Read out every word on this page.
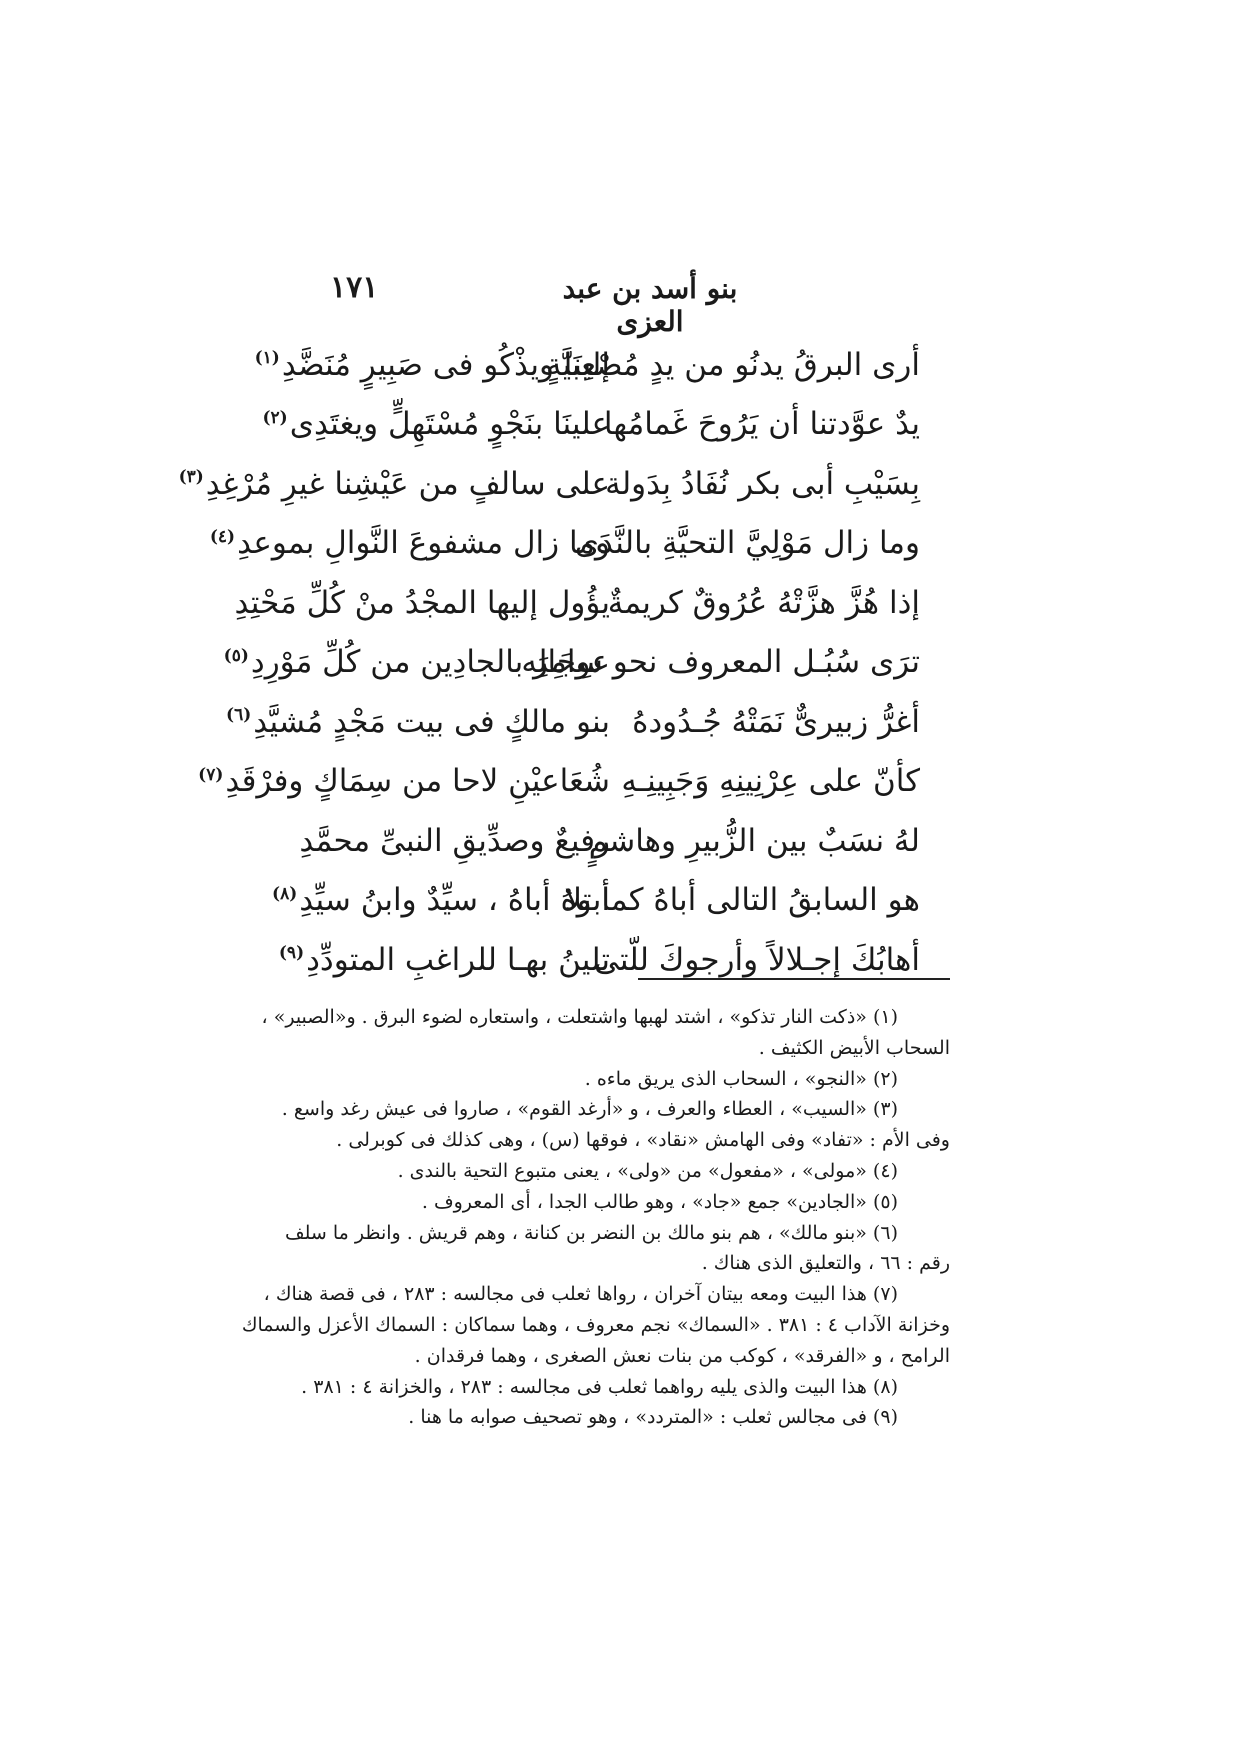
١٧١	بنو أسد بن عبد العزى
أرى البرقُ يدنُو من يدٍ مُصْعِبيَّةٍ
إلينَا ويذْكُو فى صَبِيرٍ مُنَضَّدِ$^{(١)}$
يدٌ عوَّدتنا أن يَرُوحَ غَمامُها
علينَا بنَجْوٍ مُسْتَهِلٍّ ويغتَدِى$^{(٢)}$
بِسَيْبِ أبى بكر نُفَادُ بِدَولة
على سالفٍ من عَيْشِنا غيرِ مُرْغِدِ$^{(٣)}$
وما زال مَوْلِيَّ التحيَّةِ بالنَّدَى
وما زال مشفوعَ النَّوالِ بموعدِ$^{(٤)}$
إذا هُزَّ هزَّتْهُ عُرُوقٌ كريمةٌ
يؤُول إليها المجْدُ منْ كُلِّ مَحْتِدِ
ترَى سُبُـل المعروف نحو سِجَالِه
عوامِرَ بالجادِين من كُلِّ مَوْرِدِ$^{(٥)}$
أغرُّ زبيرىٌّ نَمَتْهُ جُـدُودهُ
بنو مالكٍ فى بيت مَجْدٍ مُشيَّدِ$^{(٦)}$
كأنّ على عِرْنِينِهِ وَجَبِينِـهِ
شُعَاعيْنِ لاحا من سِمَاكٍ وفرْقَدِ$^{(٧)}$
لهُ نسَبٌ بين الزُّبيرِ وهاشمٍ
رفيعٌ وصدِّيقِ النبىِّ محمَّدِ
هو السابقُ التالى أباهُ كما تلا
أبوهُ أباهُ ، سيِّدٌ وابنُ سيِّدِ$^{(٨)}$
أهابُكَ إجـلالاً وأرجوكَ للّتى
تلينُ بهـا للراغبِ المتودِّدِ$^{(٩)}$
(١) «ذكت النار تذكو» ، اشتد لهبها واشتعلت ، واستعاره لضوء البرق . و«الصبير» ،
السحاب الأبيض الكثيف .
(٢) «النجو» ، السحاب الذى يريق ماءه .
(٣) «السيب» ، العطاء والعرف ، و «أرغد القوم» ، صاروا فى عيش رغد واسع .
وفى الأم : «تفاد» وفى الهامش «نقاد» ، فوقها (س) ، وهى كذلك فى كوبرلى .
(٤) «مولى» ، «مفعول» من «ولى» ، يعنى متبوع التحية بالندى .
(٥) «الجادين» جمع «جاد» ، وهو طالب الجدا ، أى المعروف .
(٦) «بنو مالك» ، هم بنو مالك بن النضر بن كنانة ، وهم قريش . وانظر ما سلف
رقم : ٦٦ ، والتعليق الذى هناك .
(٧) هذا البيت ومعه بيتان آخران ، رواها ثعلب فى مجالسه : ٢٨٣ ، فى قصة هناك ،
وخزانة الآداب ٤ : ٣٨١ . «السماك» نجم معروف ، وهما سماكان : السماك الأعزل والسماك
الرامح ، و «الفرقد» ، كوكب من بنات نعش الصغرى ، وهما فرقدان .
(٨) هذا البيت والذى يليه رواهما ثعلب فى مجالسه : ٢٨٣ ، والخزانة ٤ : ٣٨١ .
(٩) فى مجالس ثعلب : «المتردد» ، وهو تصحيف صوابه ما هنا .
